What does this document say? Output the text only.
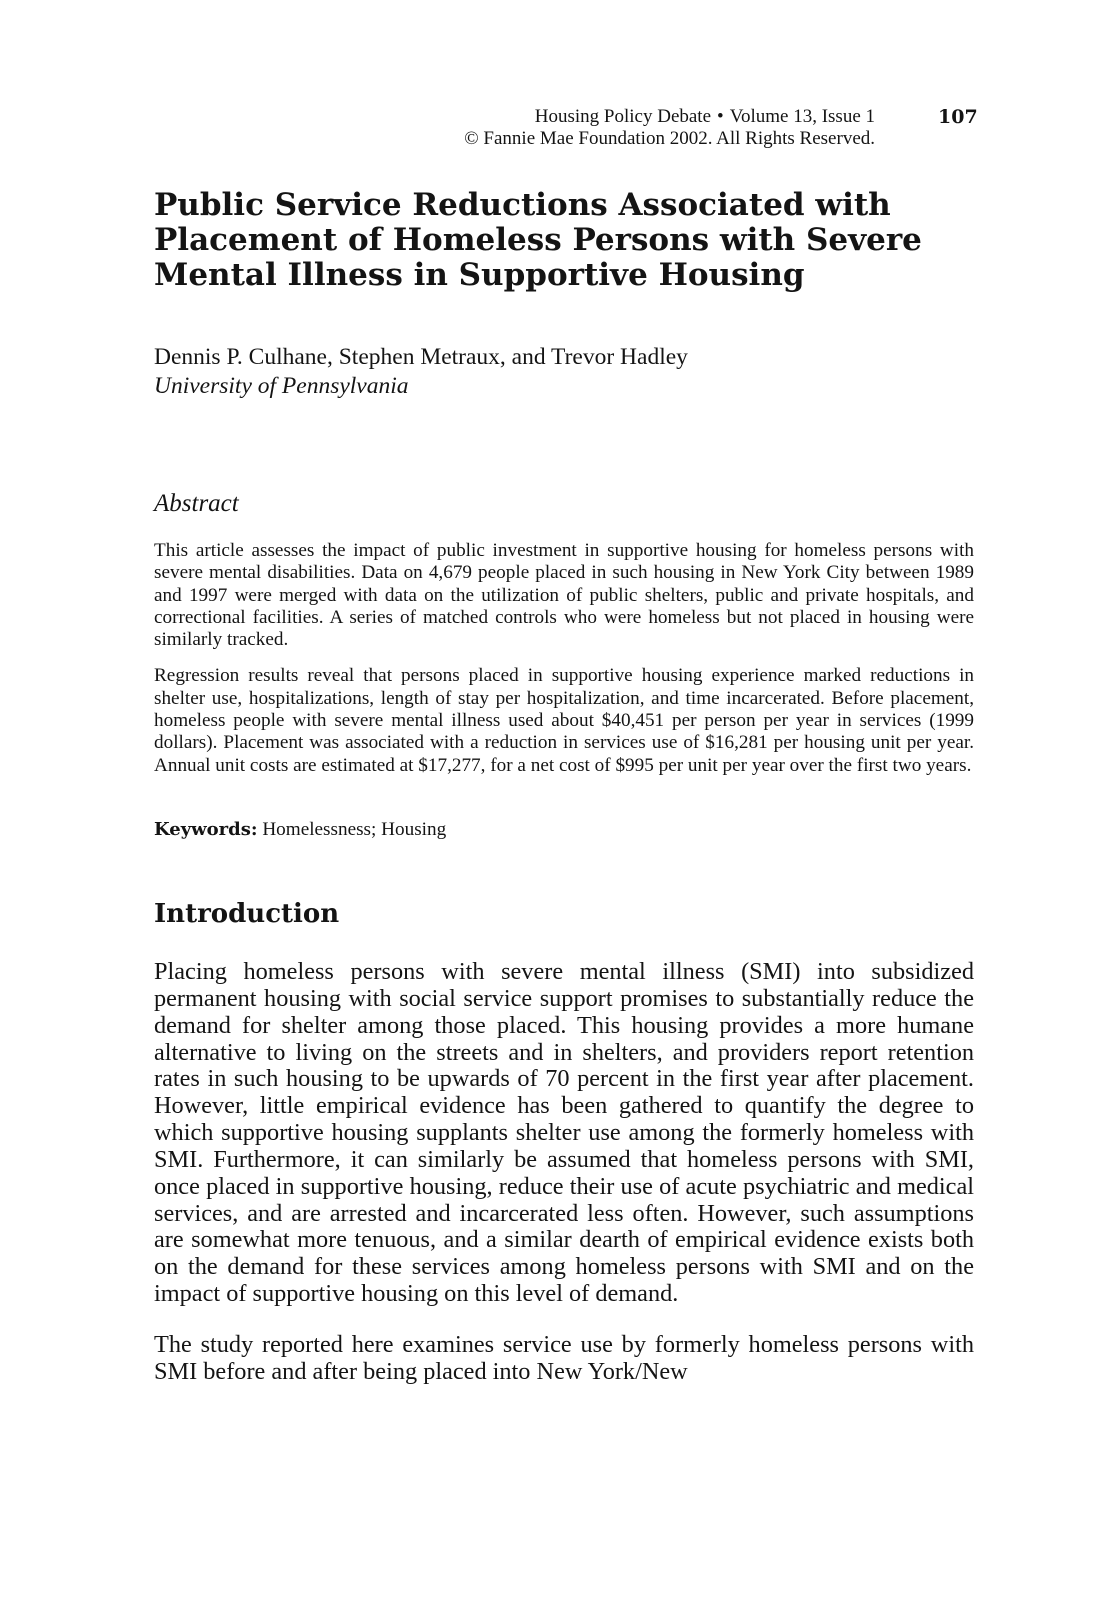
Housing Policy Debate • Volume 13, Issue 1
© Fannie Mae Foundation 2002. All Rights Reserved.
107
Public Service Reductions Associated with
Placement of Homeless Persons with Severe
Mental Illness in Supportive Housing
Dennis P. Culhane, Stephen Metraux, and Trevor Hadley
University of Pennsylvania
Abstract

This article assesses the impact of public investment in supportive housing for homeless persons with severe mental disabilities. Data on 4,679 people placed in such housing in New York City between 1989 and 1997 were merged with data on the utilization of public shelters, public and private hospitals, and correctional facilities. A series of matched controls who were homeless but not placed in housing were similarly tracked.

Regression results reveal that persons placed in supportive housing experience marked reductions in shelter use, hospitalizations, length of stay per hospitalization, and time incarcerated. Before placement, homeless people with severe mental illness used about $40,451 per person per year in services (1999 dollars). Placement was associated with a reduction in services use of $16,281 per housing unit per year. Annual unit costs are estimated at $17,277, for a net cost of $995 per unit per year over the first two years.

Keywords: Homelessness; Housing
Introduction

Placing homeless persons with severe mental illness (SMI) into subsidized permanent housing with social service support promises to substantially reduce the demand for shelter among those placed. This housing provides a more humane alternative to living on the streets and in shelters, and providers report retention rates in such housing to be upwards of 70 percent in the first year after placement. However, little empirical evidence has been gathered to quantify the degree to which supportive housing supplants shelter use among the formerly homeless with SMI. Furthermore, it can similarly be assumed that homeless persons with SMI, once placed in supportive housing, reduce their use of acute psychiatric and medical services, and are arrested and incarcerated less often. However, such assumptions are somewhat more tenuous, and a similar dearth of empirical evidence exists both on the demand for these services among homeless persons with SMI and on the impact of supportive housing on this level of demand.

The study reported here examines service use by formerly homeless persons with SMI before and after being placed into New York/New
